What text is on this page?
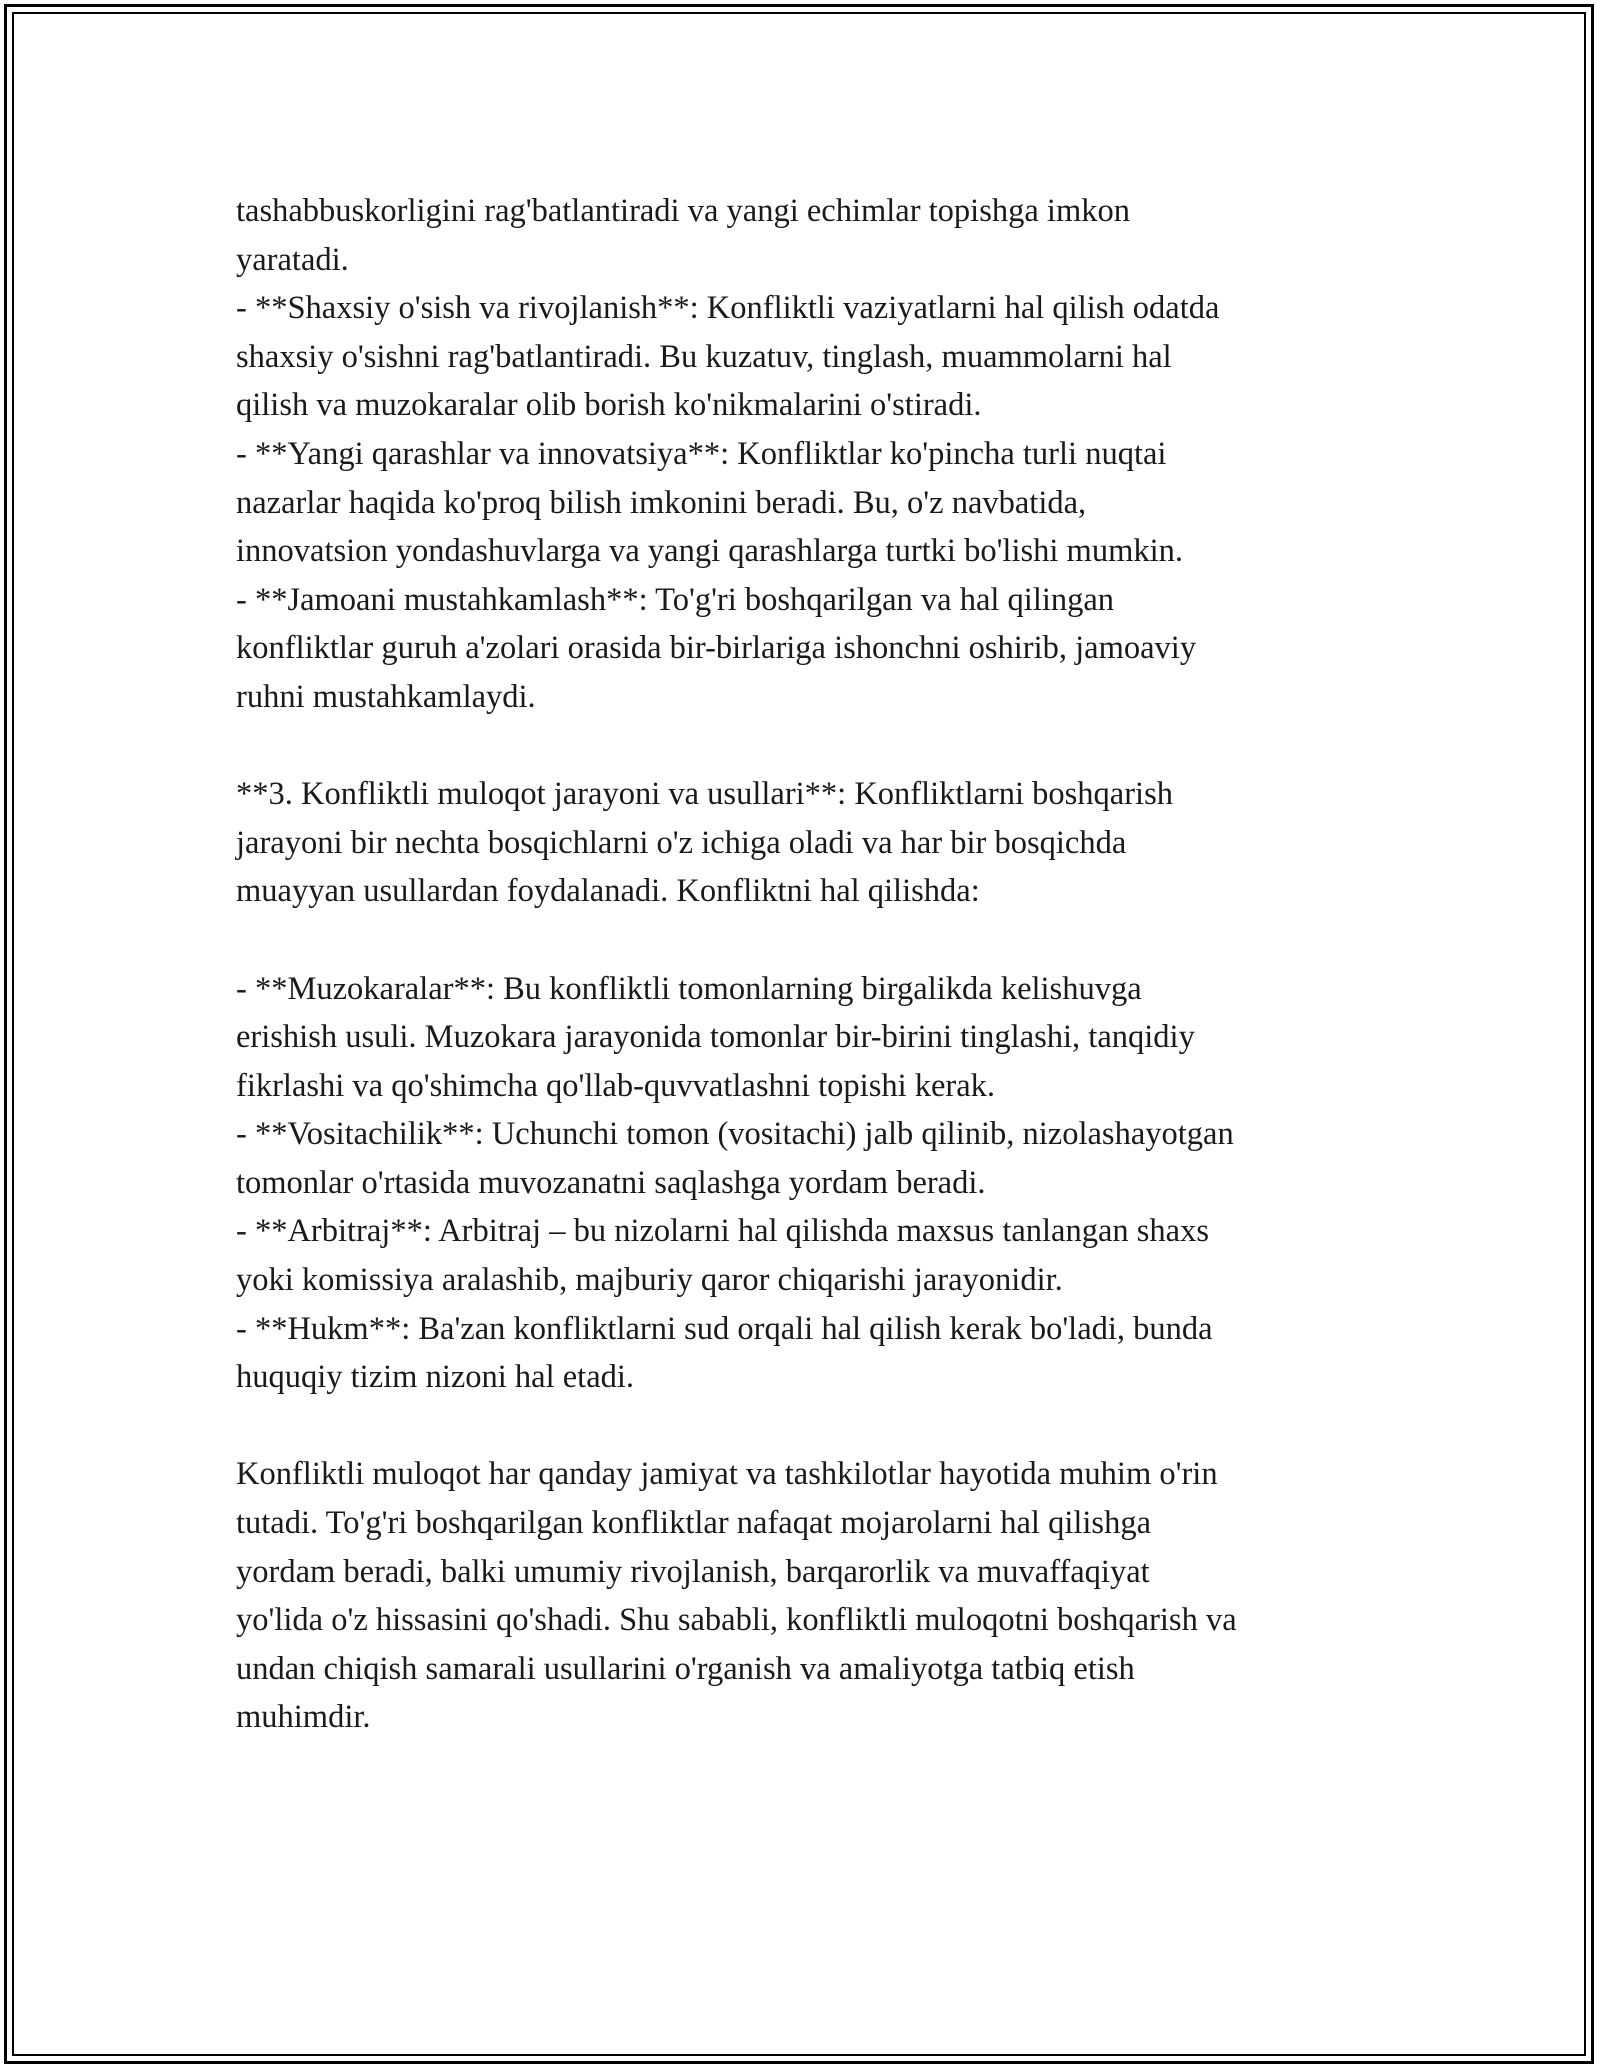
tashabbuskorligini rag'batlantiradi va yangi echimlar topishga imkon
yaratadi.
- **Shaxsiy o'sish va rivojlanish**: Konfliktli vaziyatlarni hal qilish odatda
shaxsiy o'sishni rag'batlantiradi. Bu kuzatuv, tinglash, muammolarni hal
qilish va muzokaralar olib borish ko'nikmalarini o'stiradi.
- **Yangi qarashlar va innovatsiya**: Konfliktlar ko'pincha turli nuqtai
nazarlar haqida ko'proq bilish imkonini beradi. Bu, o'z navbatida,
innovatsion yondashuvlarga va yangi qarashlarga turtki bo'lishi mumkin.
- **Jamoani mustahkamlash**: To'g'ri boshqarilgan va hal qilingan
konfliktlar guruh a'zolari orasida bir-birlariga ishonchni oshirib, jamoaviy
ruhni mustahkamlaydi.
**3. Konfliktli muloqot jarayoni va usullari**: Konfliktlarni boshqarish
jarayoni bir nechta bosqichlarni o'z ichiga oladi va har bir bosqichda
muayyan usullardan foydalanadi. Konfliktni hal qilishda:
- **Muzokaralar**: Bu konfliktli tomonlarning birgalikda kelishuvga
erishish usuli. Muzokara jarayonida tomonlar bir-birini tinglashi, tanqidiy
fikrlashi va qo'shimcha qo'llab-quvvatlashni topishi kerak.
- **Vositachilik**: Uchunchi tomon (vositachi) jalb qilinib, nizolashayotgan
tomonlar o'rtasida muvozanatni saqlashga yordam beradi.
- **Arbitraj**: Arbitraj – bu nizolarni hal qilishda maxsus tanlangan shaxs
yoki komissiya aralashib, majburiy qaror chiqarishi jarayonidir.
- **Hukm**: Ba'zan konfliktlarni sud orqali hal qilish kerak bo'ladi, bunda
huquqiy tizim nizoni hal etadi.
Konfliktli muloqot har qanday jamiyat va tashkilotlar hayotida muhim o'rin
tutadi. To'g'ri boshqarilgan konfliktlar nafaqat mojarolarni hal qilishga
yordam beradi, balki umumiy rivojlanish, barqarorlik va muvaffaqiyat
yo'lida o'z hissasini qo'shadi. Shu sababli, konfliktli muloqotni boshqarish va
undan chiqish samarali usullarini o'rganish va amaliyotga tatbiq etish
muhimdir.
